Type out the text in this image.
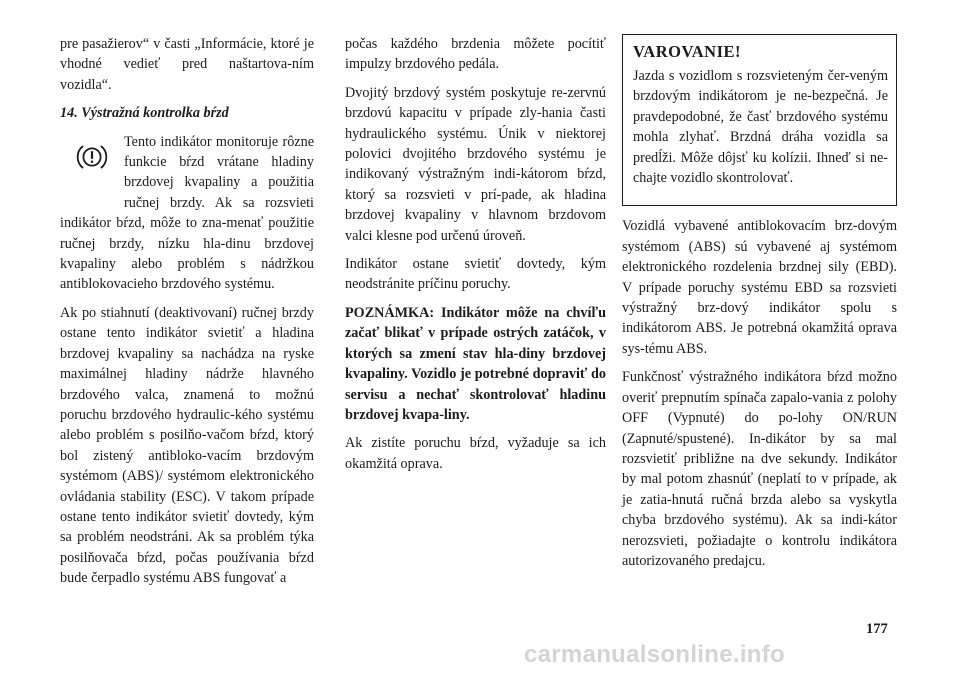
pre pasažierov“ v časti „Informácie, ktoré je vhodné vedieť pred naštartova-ním vozidla“.

14. Výstražná kontrolka bŕzd

Tento indikátor monitoruje rôzne funkcie bŕzd vrátane hladiny brzdovej kvapaliny a použitia ručnej brzdy. Ak sa rozsvieti indikátor bŕzd, môže to zna-menať použitie ručnej brzdy, nízku hla-dinu brzdovej kvapaliny alebo problém s nádržkou antiblokovacieho brzdového systému.

Ak po stiahnutí (deaktivovaní) ručnej brzdy ostane tento indikátor svietiť a hladina brzdovej kvapaliny sa nachádza na ryske maximálnej hladiny nádrže hlavného brzdového valca, znamená to možnú poruchu brzdového hydraulic-kého systému alebo problém s posilňo-vačom bŕzd, ktorý bol zistený antibloko-vacím brzdovým systémom (ABS)/ systémom elektronického ovládania stability (ESC). V takom prípade ostane tento indikátor svietiť dovtedy, kým sa problém neodstráni. Ak sa problém týka posilňovača bŕzd, počas používania bŕzd bude čerpadlo systému ABS fungovať a

počas každého brzdenia môžete pocítiť impulzy brzdového pedála.

Dvojitý brzdový systém poskytuje re-zervnú brzdovú kapacitu v prípade zly-hania časti hydraulického systému. Únik v niektorej polovici dvojitého brzdového systému je indikovaný výstražným indi-kátorom bŕzd, ktorý sa rozsvieti v prí-pade, ak hladina brzdovej kvapaliny v hlavnom brzdovom valci klesne pod určenú úroveň.

Indikátor ostane svietiť dovtedy, kým neodstránite príčinu poruchy.

POZNÁMKA: Indikátor môže na chvíľu začať blikať v prípade ostrých zatáčok, v ktorých sa zmení stav hla-diny brzdovej kvapaliny. Vozidlo je potrebné dopraviť do servisu a nechať skontrolovať hladinu brzdovej kvapa-liny.

Ak zistíte poruchu bŕzd, vyžaduje sa ich okamžitá oprava.

VAROVANIE!

Jazda s vozidlom s rozsvieteným čer-veným brzdovým indikátorom je ne-bezpečná. Je pravdepodobné, že časť brzdového systému mohla zlyhať. Brzdná dráha vozidla sa predĺži. Môže dôjsť ku kolízii. Ihneď si ne-chajte vozidlo skontrolovať.

Vozidlá vybavené antiblokovacím brz-dovým systémom (ABS) sú vybavené aj systémom elektronického rozdelenia brzdnej sily (EBD). V prípade poruchy systému EBD sa rozsvieti výstražný brz-dový indikátor spolu s indikátorom ABS. Je potrebná okamžitá oprava sys-tému ABS.

Funkčnosť výstražného indikátora bŕzd možno overiť prepnutím spínača zapalo-vania z polohy OFF (Vypnuté) do po-lohy ON/RUN (Zapnuté/spustené). In-dikátor by sa mal rozsvietiť približne na dve sekundy. Indikátor by mal potom zhasnúť (neplatí to v prípade, ak je zatia-hnutá ručná brzda alebo sa vyskytla chyba brzdového systému). Ak sa indi-kátor nerozsvieti, požiadajte o kontrolu indikátora autorizovaného predajcu.

177
carmanualsonline.info
